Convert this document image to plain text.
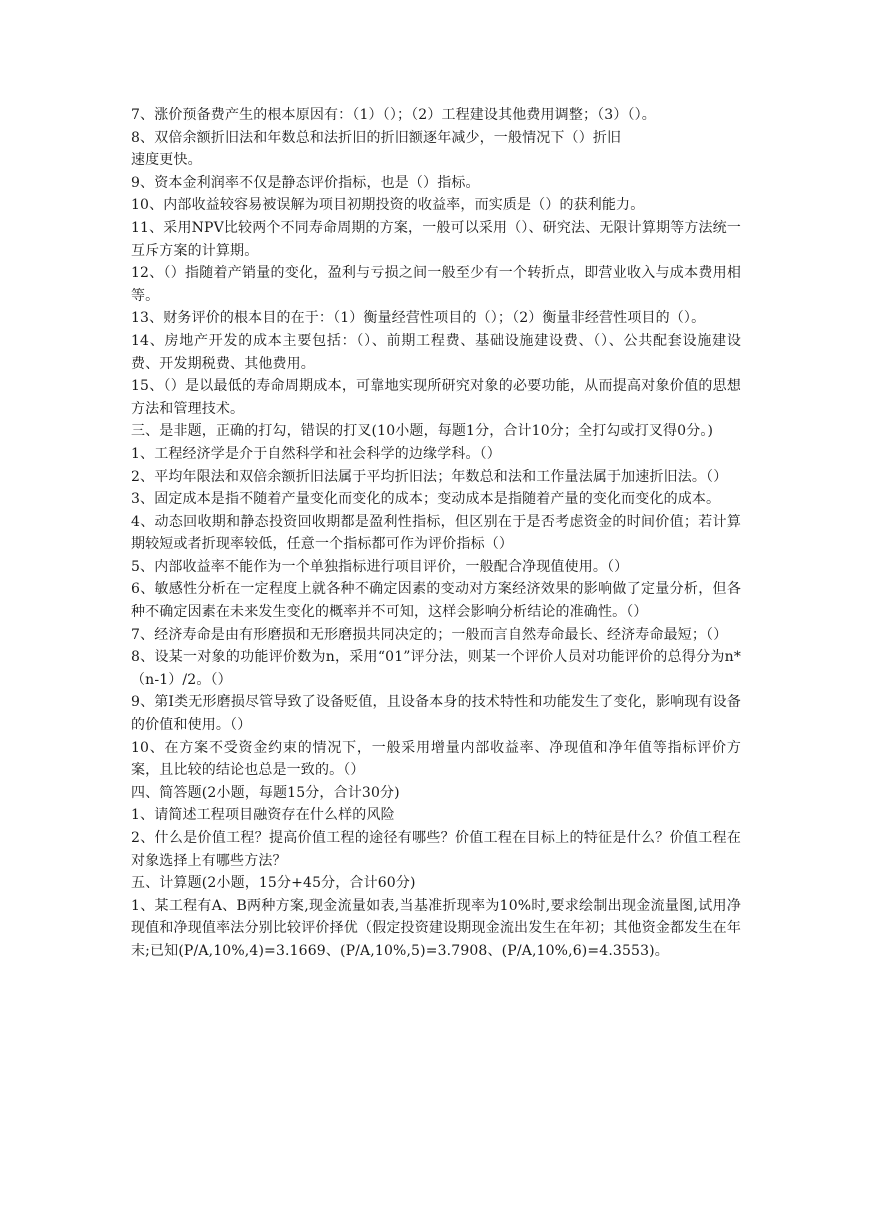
7、涨价预备费产生的根本原因有：（1）（）；（2）工程建设其他费用调整；（3）（）。

8、双倍余额折旧法和年数总和法折旧的折旧额逐年减少，一般情况下（）折旧

速度更快。

9、资本金利润率不仅是静态评价指标，也是（）指标。

10、内部收益较容易被误解为项目初期投资的收益率，而实质是（）的获利能力。

11、采用NPV比较两个不同寿命周期的方案，一般可以采用（）、研究法、无限计算期等方法统一互斥方案的计算期。

12、（）指随着产销量的变化，盈利与亏损之间一般至少有一个转折点，即营业收入与成本费用相等。

13、财务评价的根本目的在于：（1）衡量经营性项目的（）；（2）衡量非经营性项目的（）。

14、房地产开发的成本主要包括：（）、前期工程费、基础设施建设费、（）、公共配套设施建设费、开发期税费、其他费用。

15、（）是以最低的寿命周期成本，可靠地实现所研究对象的必要功能，从而提高对象价值的思想方法和管理技术。

三、是非题，正确的打勾，错误的打叉(10小题，每题1分，合计10分；全打勾或打叉得0分。)

1、工程经济学是介于自然科学和社会科学的边缘学科。（）

2、平均年限法和双倍余额折旧法属于平均折旧法；年数总和法和工作量法属于加速折旧法。（）

3、固定成本是指不随着产量变化而变化的成本；变动成本是指随着产量的变化而变化的成本。

4、动态回收期和静态投资回收期都是盈利性指标，但区别在于是否考虑资金的时间价值；若计算期较短或者折现率较低，任意一个指标都可作为评价指标（）

5、内部收益率不能作为一个单独指标进行项目评价，一般配合净现值使用。（）

6、敏感性分析在一定程度上就各种不确定因素的变动对方案经济效果的影响做了定量分析，但各种不确定因素在未来发生变化的概率并不可知，这样会影响分析结论的准确性。（）

7、经济寿命是由有形磨损和无形磨损共同决定的；一般而言自然寿命最长、经济寿命最短；（）

8、设某一对象的功能评价数为n，采用“01”评分法，则某一个评价人员对功能评价的总得分为n*（n-1）/2。（）

9、第Ⅰ类无形磨损尽管导致了设备贬值，且设备本身的技术特性和功能发生了变化，影响现有设备的价值和使用。（）

10、在方案不受资金约束的情况下，一般采用增量内部收益率、净现值和净年值等指标评价方案，且比较的结论也总是一致的。（）

四、简答题(2小题，每题15分，合计30分)

1、请简述工程项目融资存在什么样的风险

2、什么是价值工程？提高价值工程的途径有哪些？价值工程在目标上的特征是什么？价值工程在对象选择上有哪些方法？

五、计算题(2小题，15分+45分，合计60分)

1、某工程有A、B两种方案,现金流量如表,当基准折现率为10%时,要求绘制出现金流量图,试用净现值和净现值率法分别比较评价择优（假定投资建设期现金流出发生在年初；其他资金都发生在年末;已知(P/A,10%,4)=3.1669、(P/A,10%,5)=3.7908、(P/A,10%,6)=4.3553)。
